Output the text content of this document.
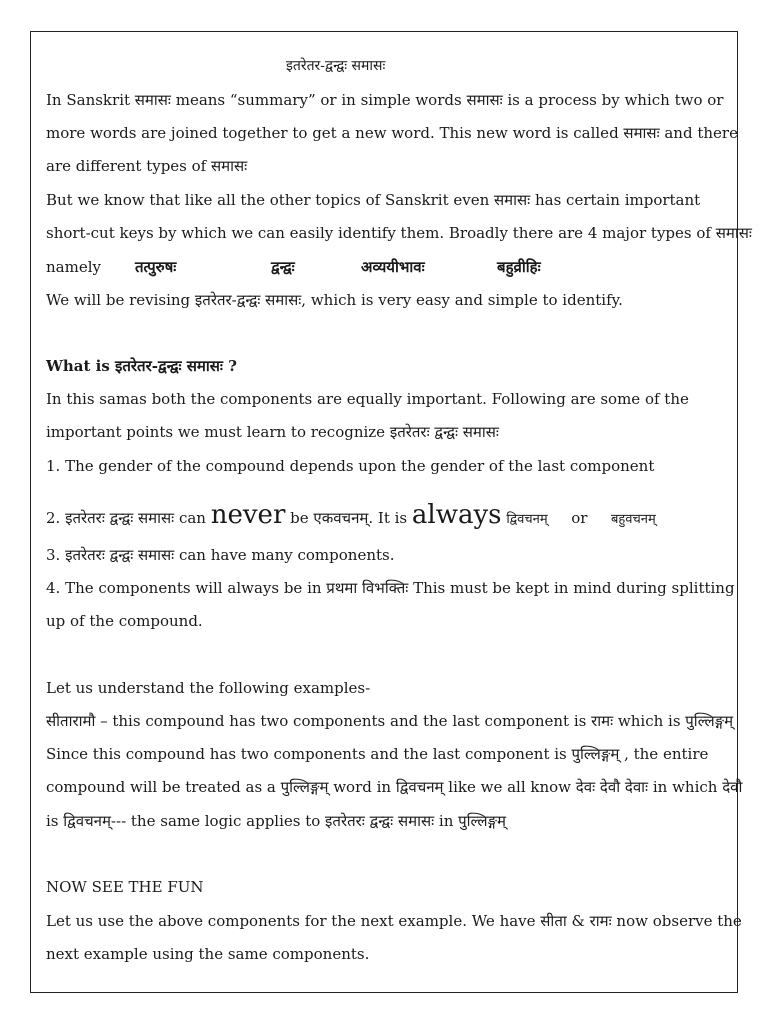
इतरेतर-द्वन्द्वः समासः
In Sanskrit समासः means “summary” or in simple words समासः is a process by which two or
more words are joined together to get a new word. This new word is called समासः and there
are different types of समासः
But we know that like all the other topics of Sanskrit even समासः has certain important
short-cut keys by which we can easily identify them. Broadly there are 4 major types of समासः
namely तत्पुरुषः	द्वन्द्वः	अव्ययीभावः	बहुव्रीहिः
We will be revising इतरेतर-द्वन्द्वः समासः, which is very easy and simple to identify.
What is इतरेतर-द्वन्द्वः समासः ?
In this samas both the components are equally important. Following are some of the
important points we must learn to recognize इतरेतरः द्वन्द्वः समासः
1. The gender of the compound depends upon the gender of the last component
2. इतरेतरः द्वन्द्वः समासः can never be एकवचनम्. It is always द्विवचनम् or बहुवचनम्
3. इतरेतरः द्वन्द्वः समासः can have many components.
4. The components will always be in प्रथमा विभक्तिः This must be kept in mind during splitting
up of the compound.
Let us understand the following examples-
सीतारामौ – this compound has two components and the last component is रामः which is पुल्लिङ्गम्
Since this compound has two components and the last component is पुल्लिङ्गम् , the entire
compound will be treated as a पुल्लिङ्गम् word in द्विवचनम् like we all know देवः देवौ देवाः in which देवौ
is द्विवचनम्--- the same logic applies to इतरेतरः द्वन्द्वः समासः in पुल्लिङ्गम्
NOW SEE THE FUN
Let us use the above components for the next example. We have सीता & रामः now observe the
next example using the same components.
